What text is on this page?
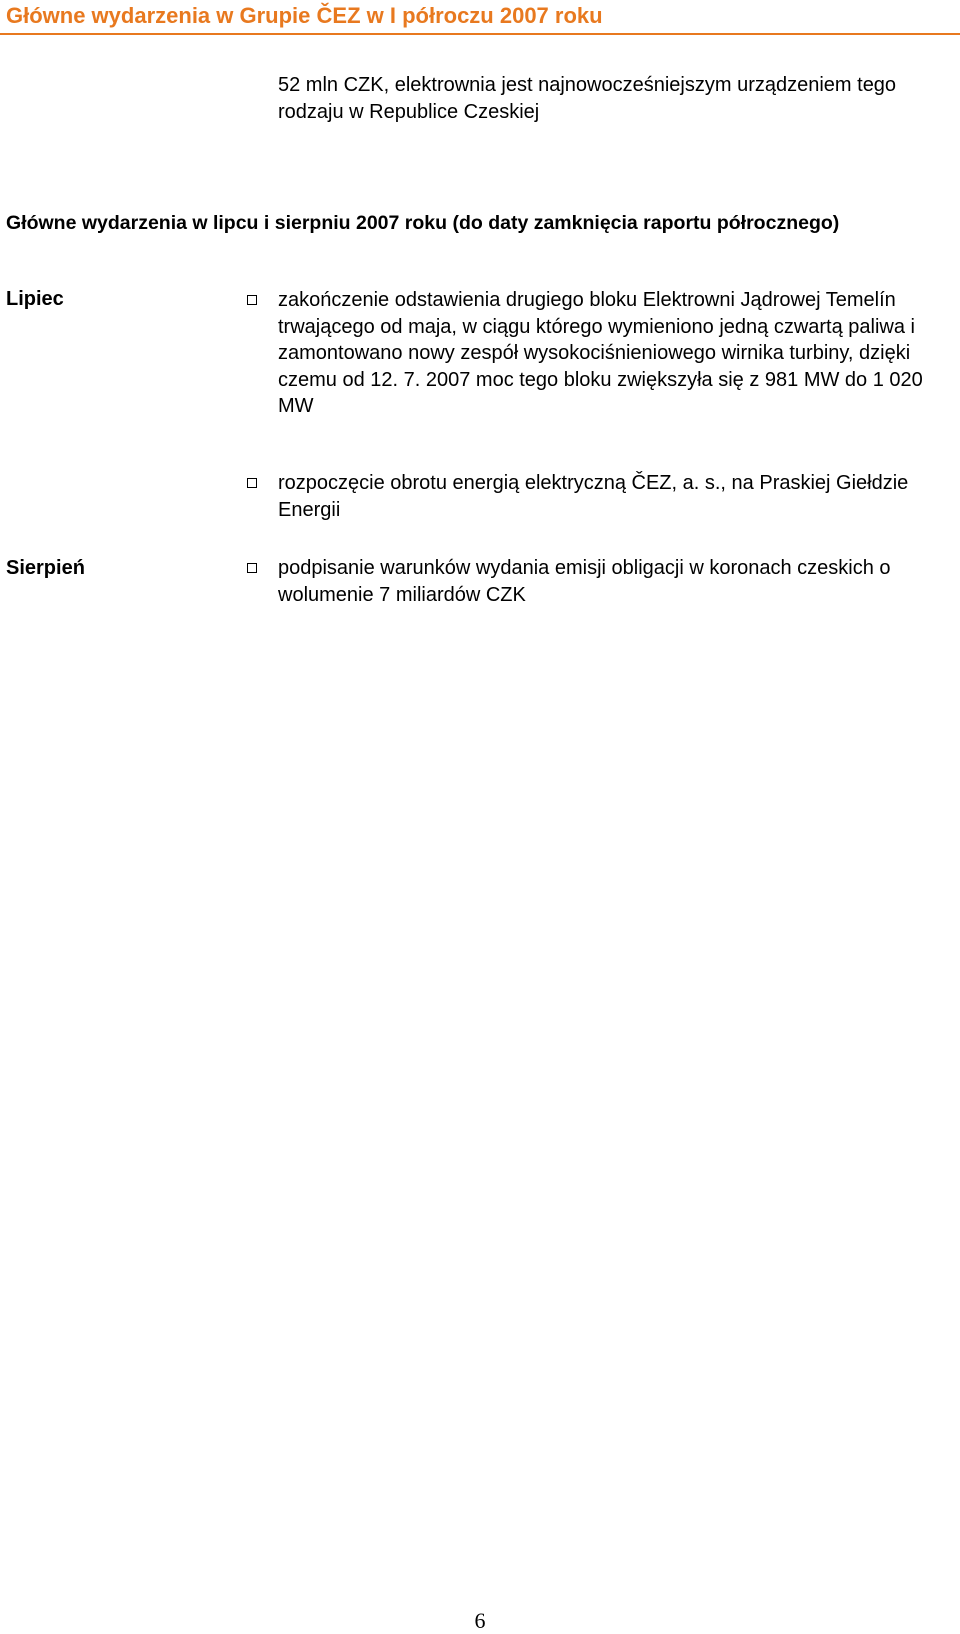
Główne wydarzenia w Grupie ČEZ w I półroczu 2007 roku
52 mln CZK, elektrownia jest najnowocześniejszym urządzeniem tego rodzaju w Republice Czeskiej
Główne wydarzenia w lipcu i sierpniu 2007 roku (do daty zamknięcia raportu półrocznego)
Lipiec	zakończenie odstawienia drugiego bloku Elektrowni Jądrowej Temelín trwającego od maja, w ciągu którego wymieniono jedną czwartą paliwa i zamontowano nowy zespół wysokociśnieniowego wirnika turbiny, dzięki czemu od 12. 7. 2007 moc tego bloku zwiększyła się z 981 MW do 1 020 MW
rozpoczęcie obrotu energią elektryczną ČEZ, a. s., na Praskiej Giełdzie Energii
Sierpień	podpisanie warunków wydania emisji obligacji w koronach czeskich o wolumenie 7 miliardów CZK
6
